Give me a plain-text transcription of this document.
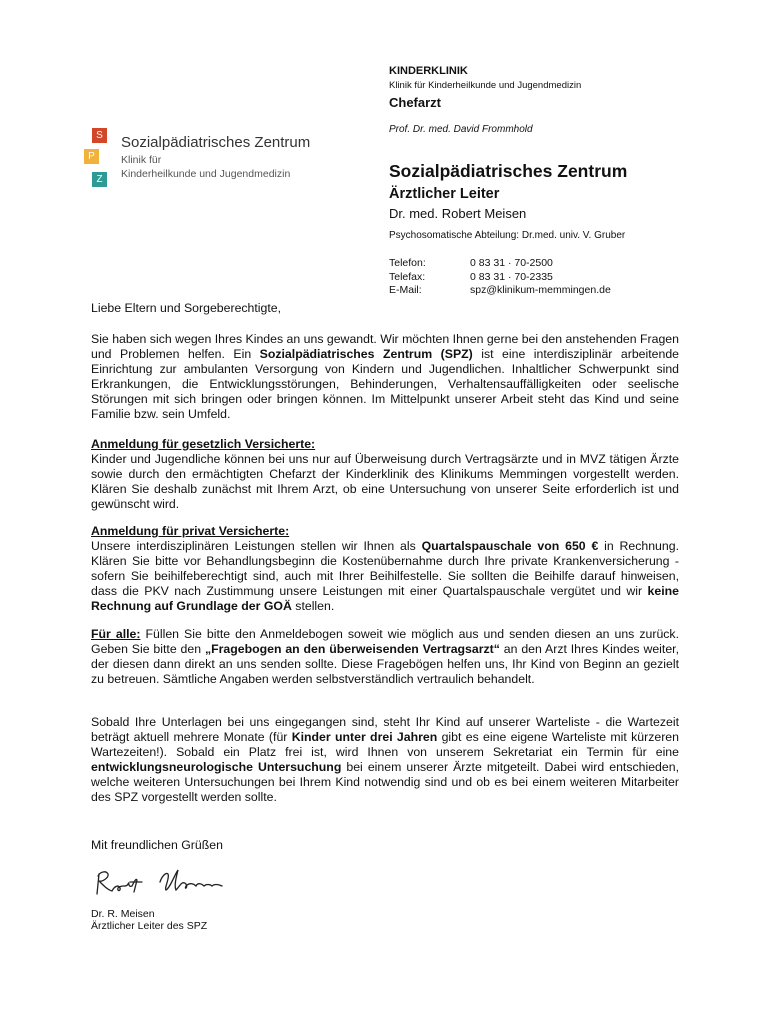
S
P
Z
Sozialpädiatrisches Zentrum
Klinik für
Kinderheilkunde und Jugendmedizin
KINDERKLINIK
Klinik für Kinderheilkunde und Jugendmedizin
Chefarzt
Prof. Dr. med. David Frommhold
Sozialpädiatrisches Zentrum
Ärztlicher Leiter
Dr. med. Robert Meisen
Psychosomatische Abteilung: Dr.med. univ. V. Gruber
Telefon:	0 83 31 · 70-2500
Telefax:	0 83 31 · 70-2335
E-Mail:	spz@klinikum-memmingen.de
Liebe Eltern und Sorgeberechtigte,
Sie haben sich wegen Ihres Kindes an uns gewandt. Wir möchten Ihnen gerne bei den anstehenden Fragen und Problemen helfen. Ein Sozialpädiatrisches Zentrum (SPZ) ist eine interdisziplinär arbeitende Einrichtung zur ambulanten Versorgung von Kindern und Jugendlichen. Inhaltlicher Schwerpunkt sind Erkrankungen, die Entwicklungsstörungen, Behinderungen, Verhaltensauffälligkeiten oder seelische Störungen mit sich bringen oder bringen können. Im Mittelpunkt unserer Arbeit steht das Kind und seine Familie bzw. sein Umfeld.
Anmeldung für gesetzlich Versicherte:
Kinder und Jugendliche können bei uns nur auf Überweisung durch Vertragsärzte und in MVZ tätigen Ärzte sowie durch den ermächtigten Chefarzt der Kinderklinik des Klinikums Memmingen vorgestellt werden. Klären Sie deshalb zunächst mit Ihrem Arzt, ob eine Untersuchung von unserer Seite erforderlich ist und gewünscht wird.
Anmeldung für privat Versicherte:
Unsere interdisziplinären Leistungen stellen wir Ihnen als Quartalspauschale von 650 € in Rechnung. Klären Sie bitte vor Behandlungsbeginn die Kostenübernahme durch Ihre private Krankenversicherung - sofern Sie beihilfeberechtigt sind, auch mit Ihrer Beihilfestelle. Sie sollten die Beihilfe darauf hinweisen, dass die PKV nach Zustimmung unsere Leistungen mit einer Quartalspauschale vergütet und wir keine Rechnung auf Grundlage der GOÄ stellen.
Für alle: Füllen Sie bitte den Anmeldebogen soweit wie möglich aus und senden diesen an uns zurück. Geben Sie bitte den „Fragebogen an den überweisenden Vertragsarzt“ an den Arzt Ihres Kindes weiter, der diesen dann direkt an uns senden sollte. Diese Fragebögen helfen uns, Ihr Kind von Beginn an gezielt zu betreuen. Sämtliche Angaben werden selbstverständlich vertraulich behandelt.
Sobald Ihre Unterlagen bei uns eingegangen sind, steht Ihr Kind auf unserer Warteliste - die Wartezeit beträgt aktuell mehrere Monate (für Kinder unter drei Jahren gibt es eine eigene Warteliste mit kürzeren Wartezeiten!). Sobald ein Platz frei ist, wird Ihnen von unserem Sekretariat ein Termin für eine entwicklungsneurologische Untersuchung bei einem unserer Ärzte mitgeteilt. Dabei wird entschieden, welche weiteren Untersuchungen bei Ihrem Kind notwendig sind und ob es bei einem weiteren Mitarbeiter des SPZ vorgestellt werden sollte.
Mit freundlichen Grüßen
Dr. R. Meisen
Ärztlicher Leiter des SPZ
